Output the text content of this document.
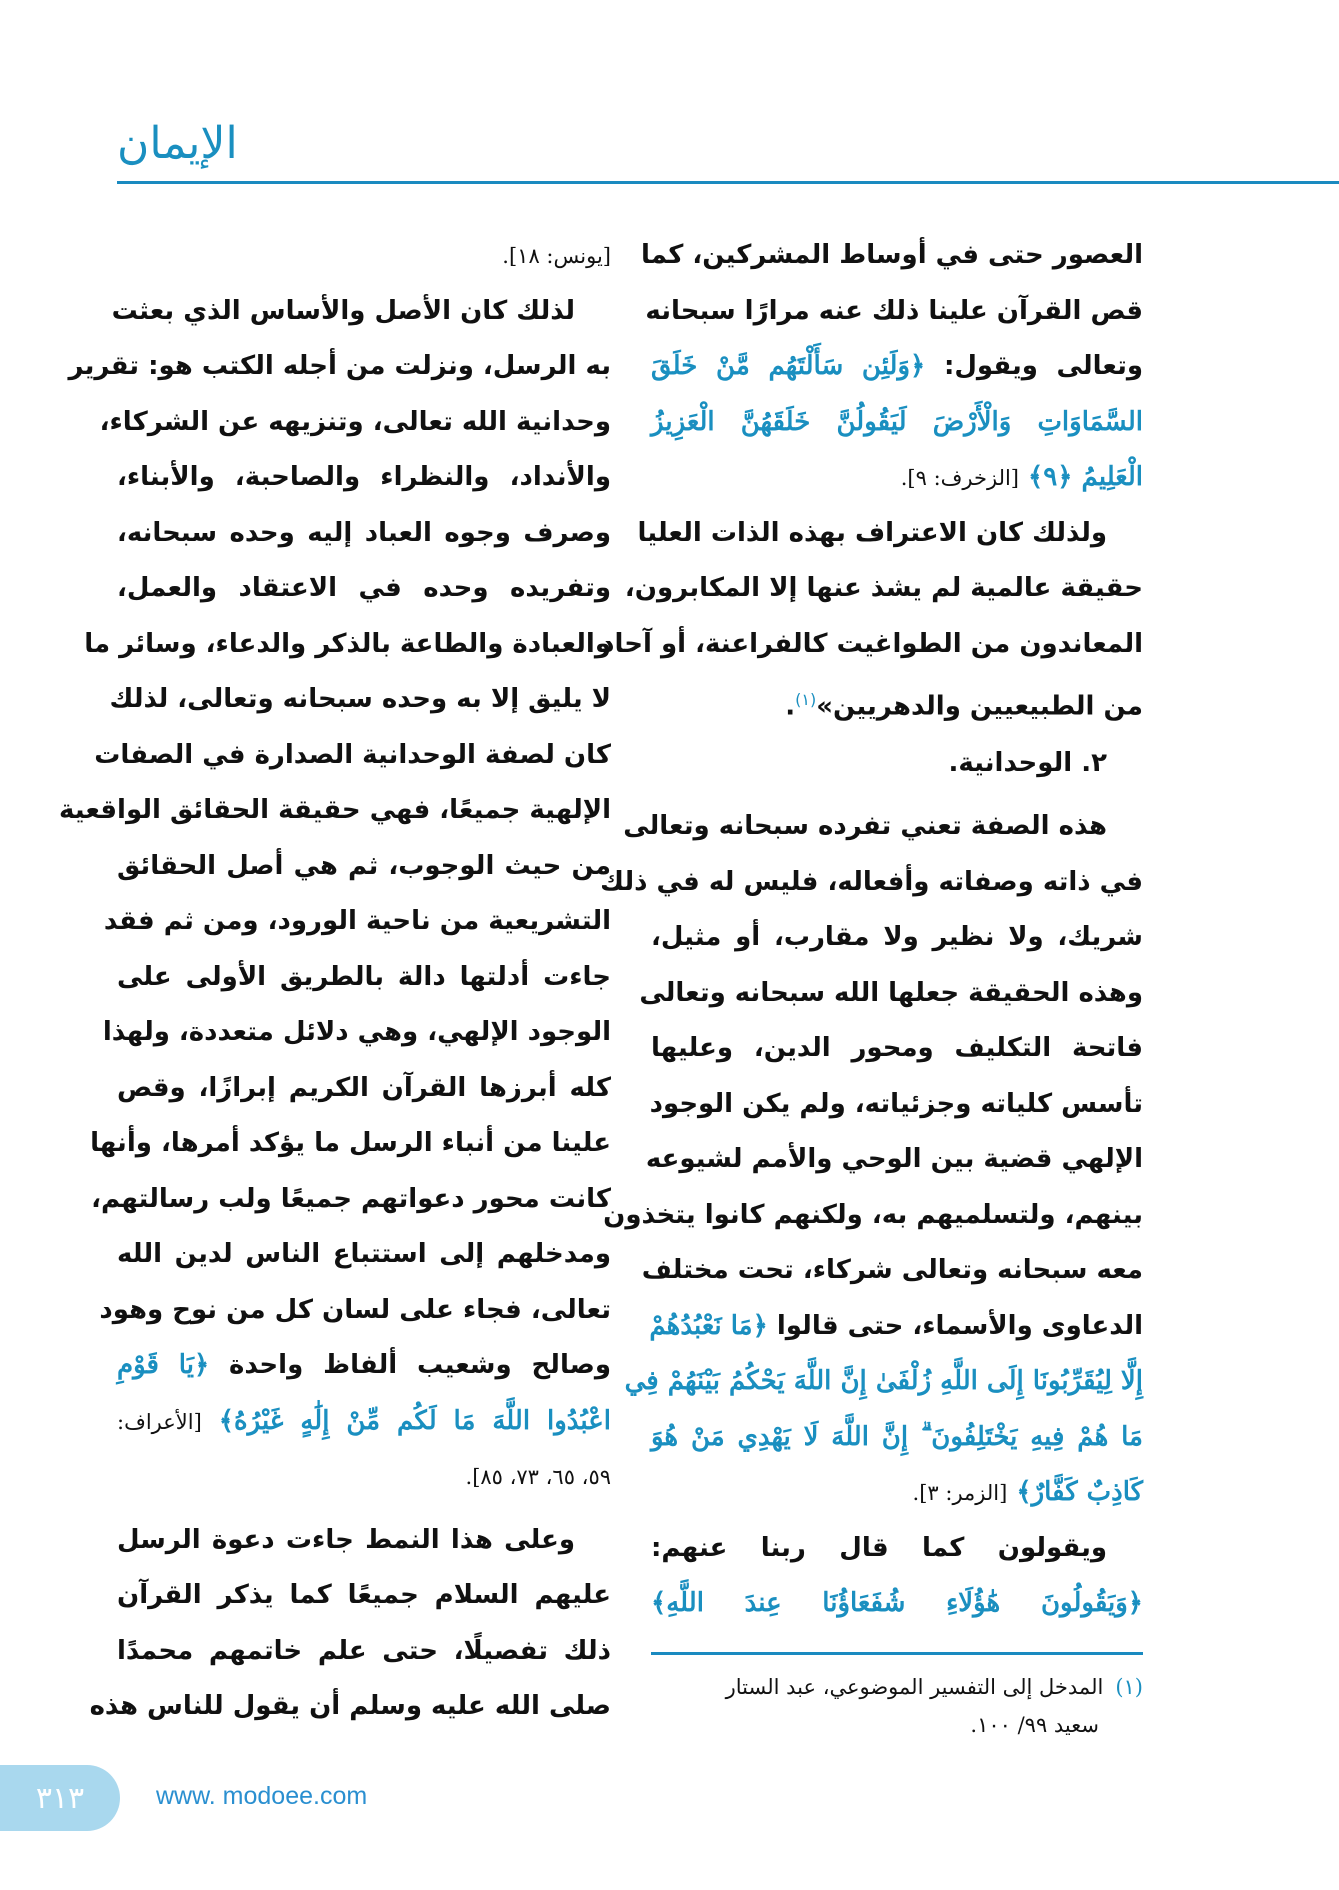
الإيمان
العصور حتى في أوساط المشركين، كما
قص القرآن علينا ذلك عنه مرارًا سبحانه
وتعالى ويقول: ﴿وَلَئِن سَأَلْتَهُم مَّنْ خَلَقَ
السَّمَاوَاتِ وَالْأَرْضَ لَيَقُولُنَّ خَلَقَهُنَّ الْعَزِيزُ
الْعَلِيمُ ﴿٩﴾ [الزخرف: ٩].
ولذلك كان الاعتراف بهذه الذات العليا
حقيقة عالمية لم يشذ عنها إلا المكابرون،
المعاندون من الطواغيت كالفراعنة، أو آحاد
من الطبيعيين والدهريين»$^{(١)}$.
٢. الوحدانية.
هذه الصفة تعني تفرده سبحانه وتعالى
في ذاته وصفاته وأفعاله، فليس له في ذلك
شريك، ولا نظير ولا مقارب، أو مثيل،
وهذه الحقيقة جعلها الله سبحانه وتعالى
فاتحة التكليف ومحور الدين، وعليها
تأسس كلياته وجزئياته، ولم يكن الوجود
الإلهي قضية بين الوحي والأمم لشيوعه
بينهم، ولتسلميهم به، ولكنهم كانوا يتخذون
معه سبحانه وتعالى شركاء، تحت مختلف
الدعاوى والأسماء، حتى قالوا ﴿مَا نَعْبُدُهُمْ
إِلَّا لِيُقَرِّبُونَا إِلَى اللَّهِ زُلْفَىٰ إِنَّ اللَّهَ يَحْكُمُ بَيْنَهُمْ فِي
مَا هُمْ فِيهِ يَخْتَلِفُونَ ۗ إِنَّ اللَّهَ لَا يَهْدِي مَنْ هُوَ
كَاذِبٌ كَفَّارٌ﴾ [الزمر: ٣].
ويقولون كما قال ربنا عنهم:
﴿وَيَقُولُونَ هَٰؤُلَاءِ شُفَعَاؤُنَا عِندَ اللَّهِ﴾
[يونس: ١٨].
لذلك كان الأصل والأساس الذي بعثت
به الرسل، ونزلت من أجله الكتب هو: تقرير
وحدانية الله تعالى، وتنزيهه عن الشركاء،
والأنداد، والنظراء والصاحبة، والأبناء،
وصرف وجوه العباد إليه وحده سبحانه،
وتفريده وحده في الاعتقاد والعمل،
والعبادة والطاعة بالذكر والدعاء، وسائر ما
لا يليق إلا به وحده سبحانه وتعالى، لذلك
كان لصفة الوحدانية الصدارة في الصفات
الإلهية جميعًا، فهي حقيقة الحقائق الواقعية
من حيث الوجوب، ثم هي أصل الحقائق
التشريعية من ناحية الورود، ومن ثم فقد
جاءت أدلتها دالة بالطريق الأولى على
الوجود الإلهي، وهي دلائل متعددة، ولهذا
كله أبرزها القرآن الكريم إبرازًا، وقص
علينا من أنباء الرسل ما يؤكد أمرها، وأنها
كانت محور دعواتهم جميعًا ولب رسالتهم،
ومدخلهم إلى استتباع الناس لدين الله
تعالى، فجاء على لسان كل من نوح وهود
وصالح وشعيب ألفاظ واحدة ﴿يَا قَوْمِ
اعْبُدُوا اللَّهَ مَا لَكُم مِّنْ إِلَٰهٍ غَيْرُهُ﴾ [الأعراف:
٥٩، ٦٥، ٧٣، ٨٥].
وعلى هذا النمط جاءت دعوة الرسل
عليهم السلام جميعًا كما يذكر القرآن
ذلك تفصيلًا، حتى علم خاتمهم محمدًا
صلى الله عليه وسلم أن يقول للناس هذه
(١)المدخل إلى التفسير الموضوعي، عبد الستار
سعيد ٩٩/ ١٠٠.
٣١٣	www. modoee.com
